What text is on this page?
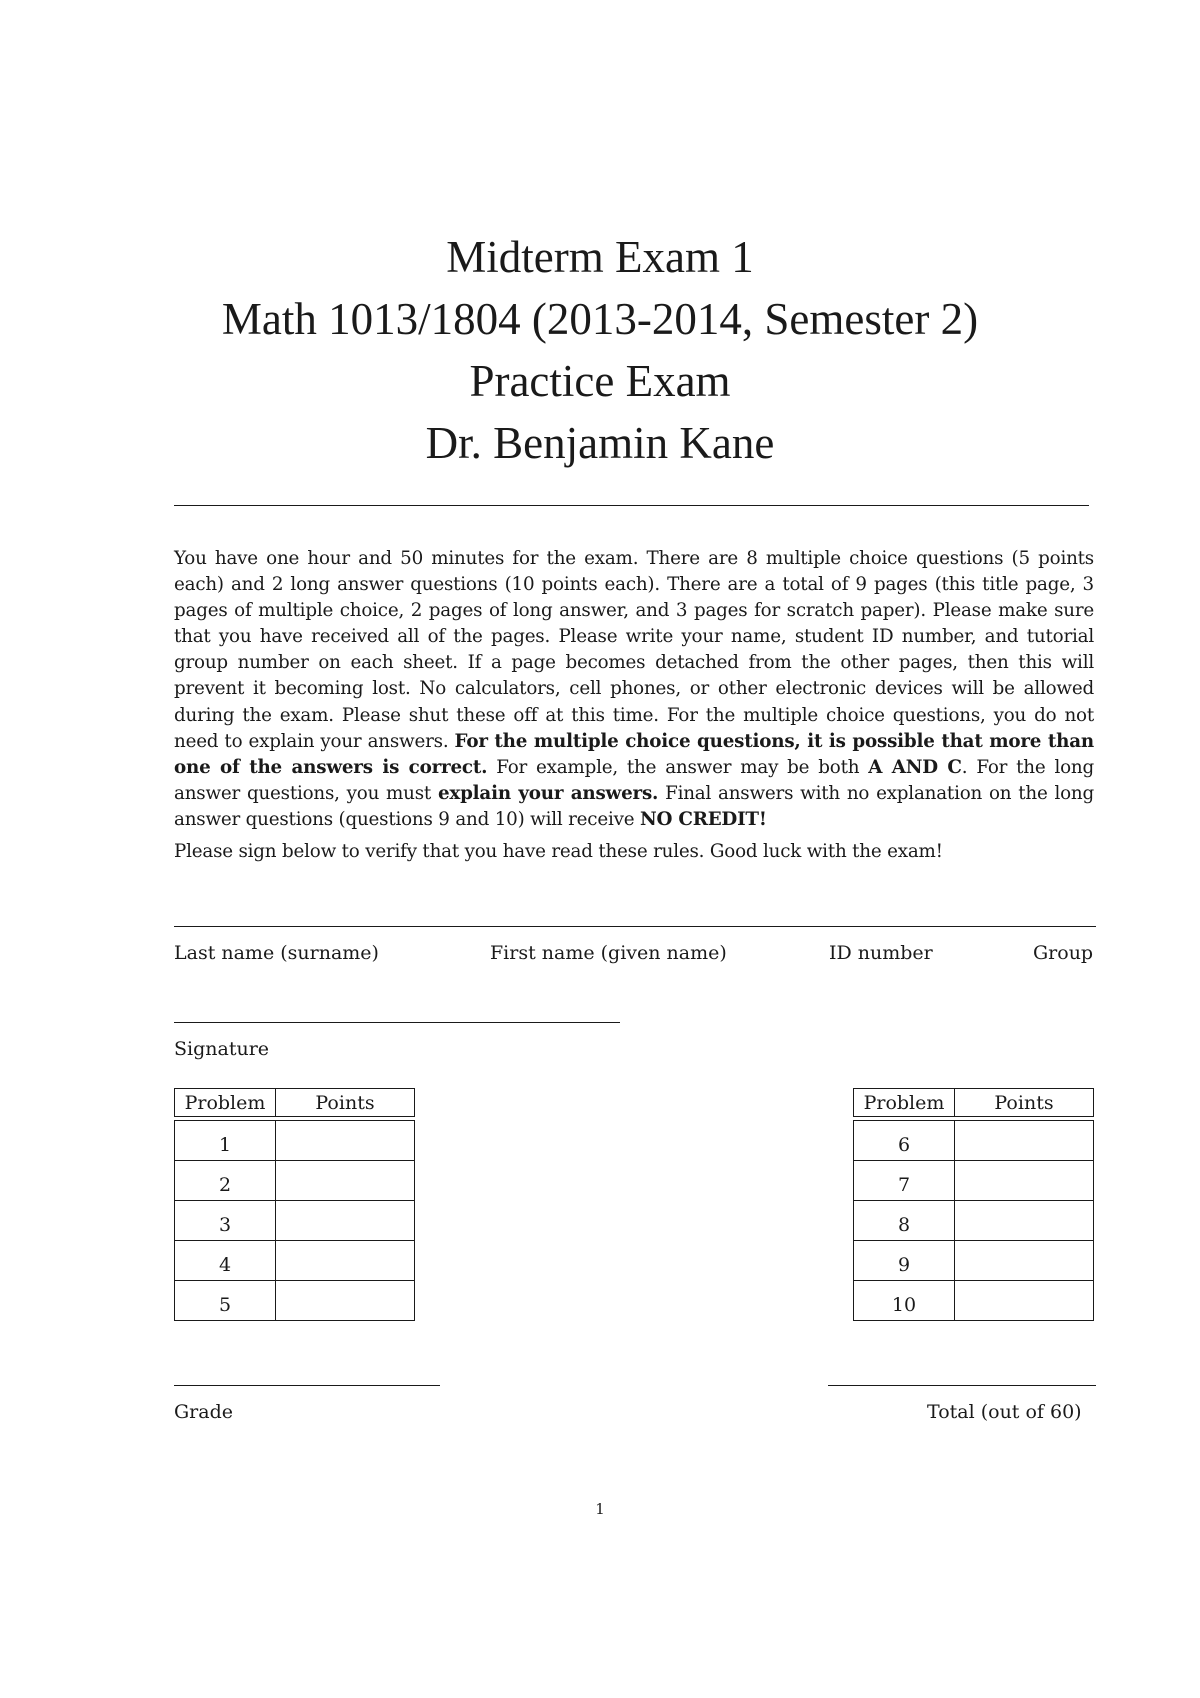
Midterm Exam 1
Math 1013/1804 (2013-2014, Semester 2)
Practice Exam
Dr. Benjamin Kane

You have one hour and 50 minutes for the exam. There are 8 multiple choice questions (5 points each) and 2 long answer questions (10 points each). There are a total of 9 pages (this title page, 3 pages of multiple choice, 2 pages of long answer, and 3 pages for scratch paper). Please make sure that you have received all of the pages. Please write your name, student ID number, and tutorial group number on each sheet. If a page becomes detached from the other pages, then this will prevent it becoming lost. No calculators, cell phones, or other electronic devices will be allowed during the exam. Please shut these off at this time. For the multiple choice questions, you do not need to explain your answers. For the multiple choice questions, it is possible that more than one of the answers is correct. For example, the answer may be both A AND C. For the long answer questions, you must explain your answers. Final answers with no explanation on the long answer questions (questions 9 and 10) will receive NO CREDIT!

Please sign below to verify that you have read these rules. Good luck with the exam!

Last name (surname)	First name (given name)	ID number	Group
Signature
Problem	Points

1	
2	
3	
4	
5	
Problem	Points

6	
7	
8	
9	
10	
Grade	Total (out of 60)
1
